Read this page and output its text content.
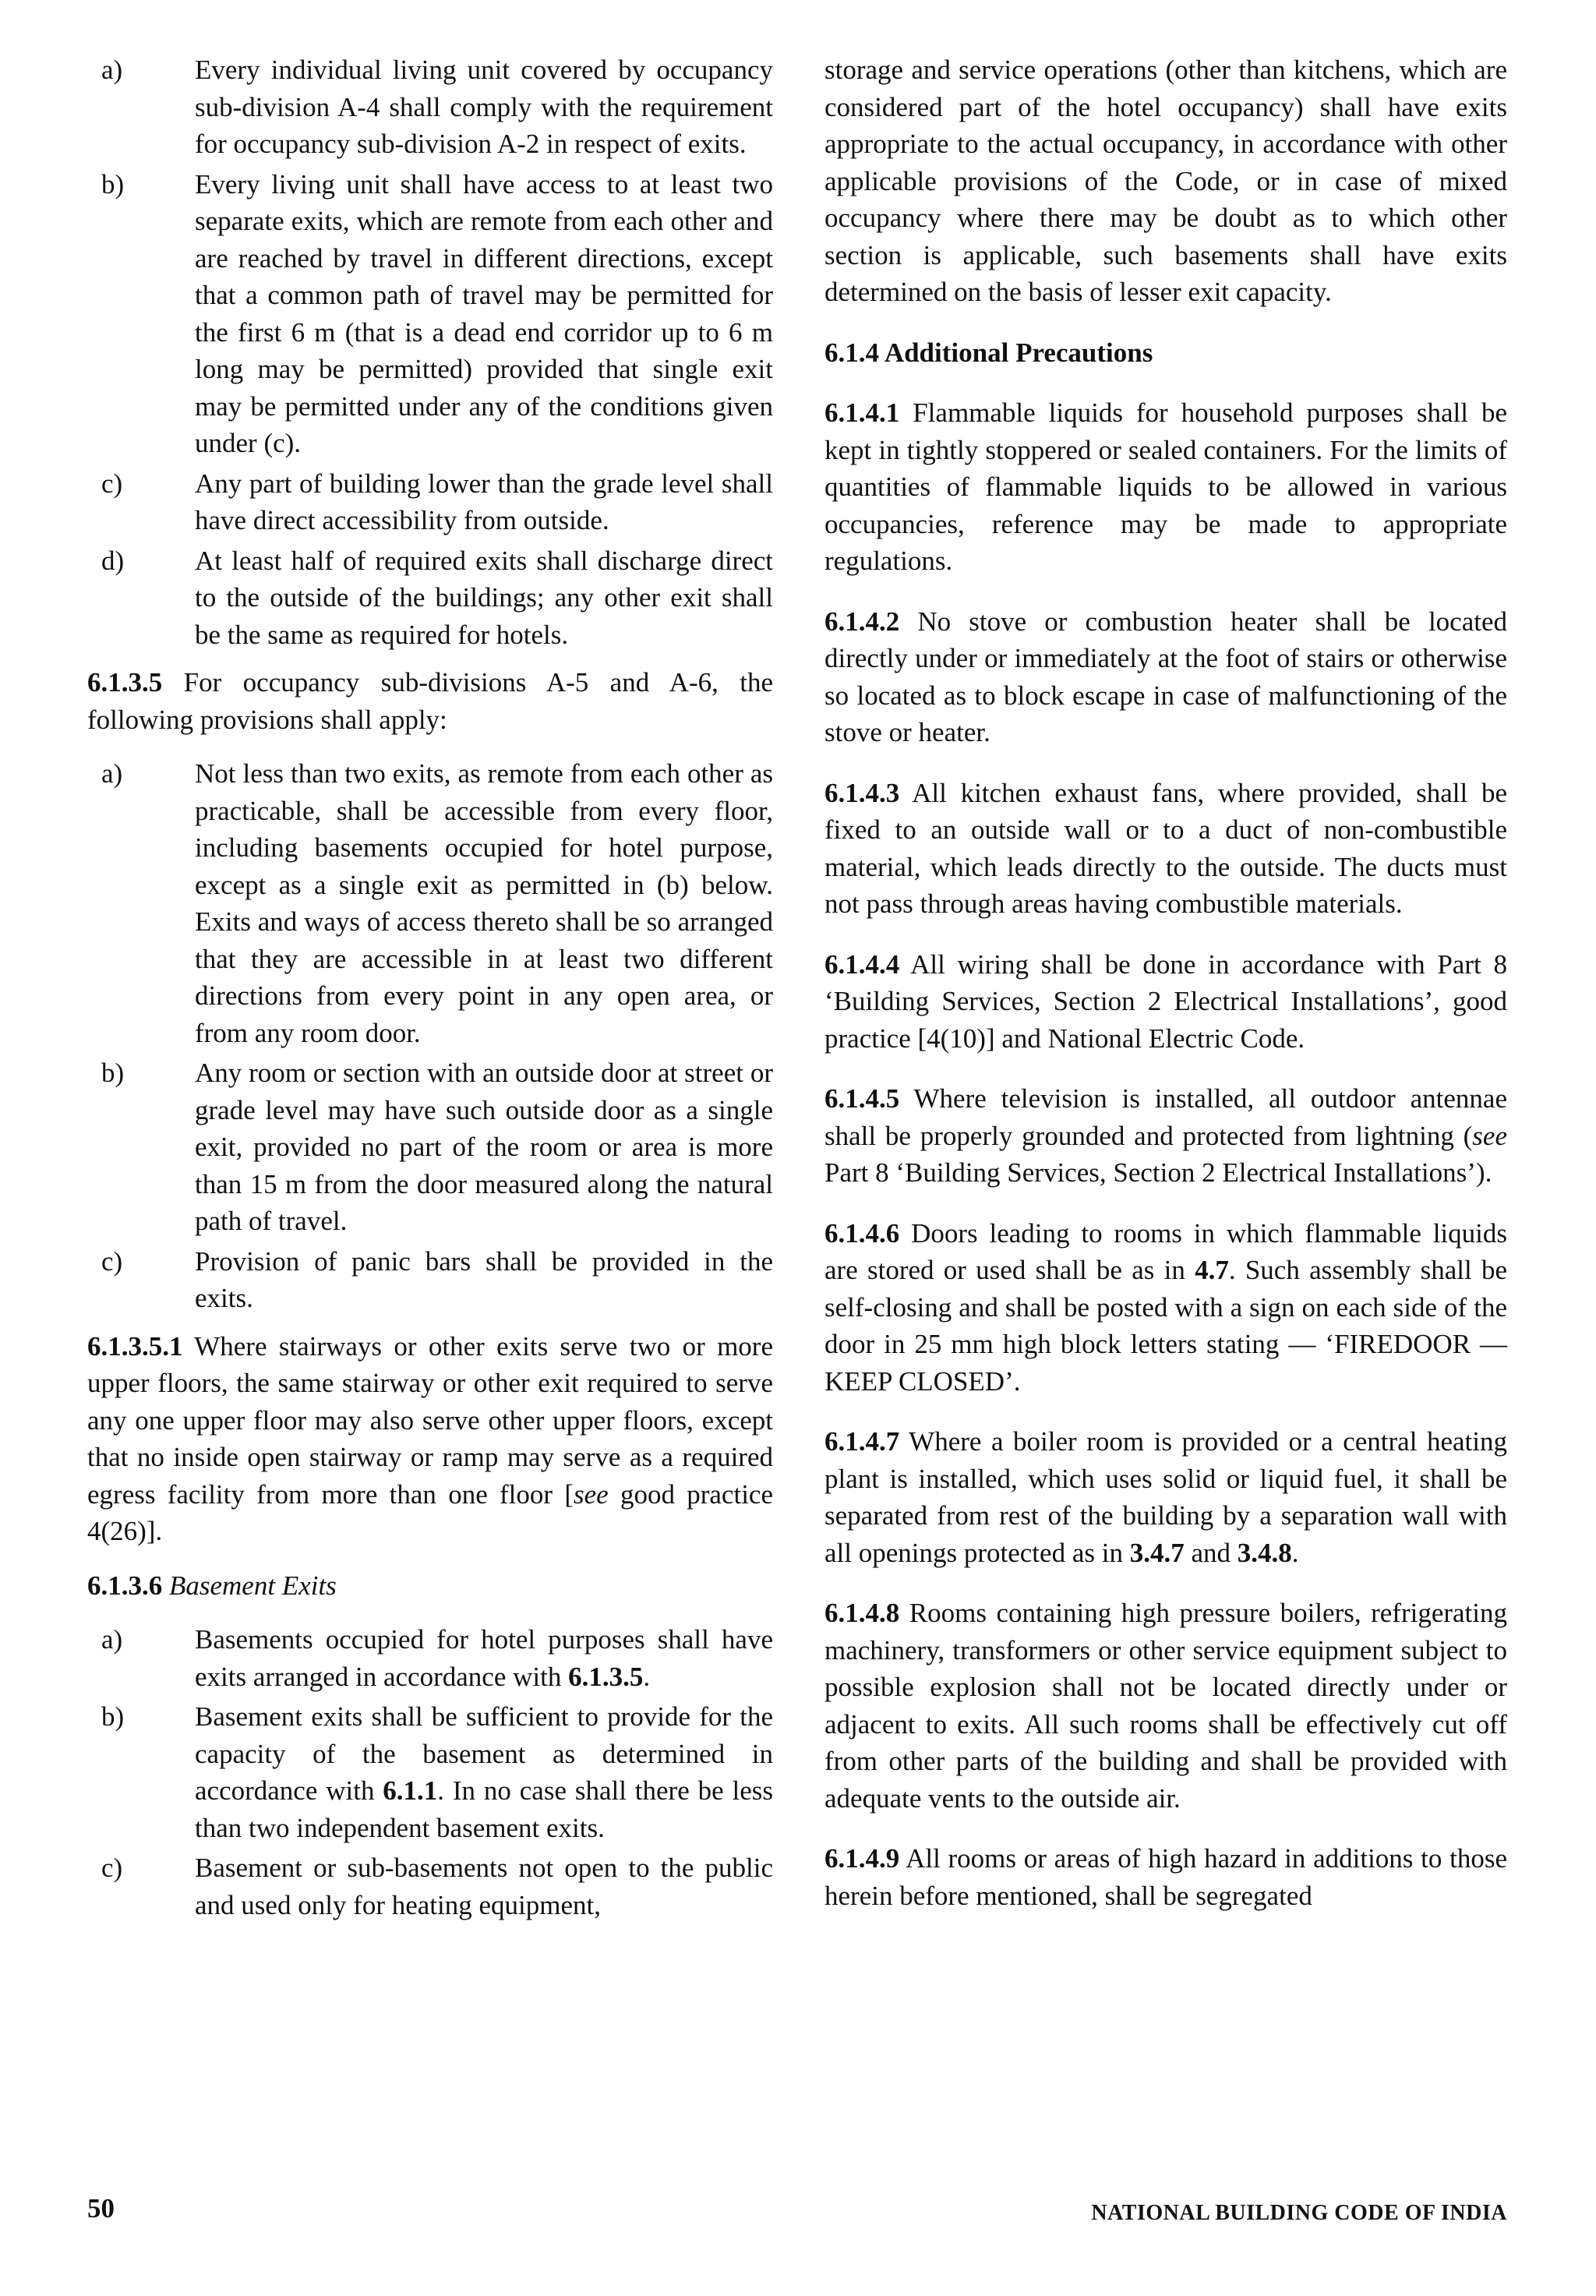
a)	Every individual living unit covered by occupancy sub-division A-4 shall comply with the requirement for occupancy sub-division A-2 in respect of exits.
b)	Every living unit shall have access to at least two separate exits, which are remote from each other and are reached by travel in different directions, except that a common path of travel may be permitted for the first 6 m (that is a dead end corridor up to 6 m long may be permitted) provided that single exit may be permitted under any of the conditions given under (c).
c)	Any part of building lower than the grade level shall have direct accessibility from outside.
d)	At least half of required exits shall discharge direct to the outside of the buildings; any other exit shall be the same as required for hotels.

6.1.3.5 For occupancy sub-divisions A-5 and A-6, the following provisions shall apply:

a)	Not less than two exits, as remote from each other as practicable, shall be accessible from every floor, including basements occupied for hotel purpose, except as a single exit as permitted in (b) below. Exits and ways of access thereto shall be so arranged that they are accessible in at least two different directions from every point in any open area, or from any room door.
b)	Any room or section with an outside door at street or grade level may have such outside door as a single exit, provided no part of the room or area is more than 15 m from the door measured along the natural path of travel.
c)	Provision of panic bars shall be provided in the exits.

6.1.3.5.1 Where stairways or other exits serve two or more upper floors, the same stairway or other exit required to serve any one upper floor may also serve other upper floors, except that no inside open stairway or ramp may serve as a required egress facility from more than one floor [see good practice 4(26)].

6.1.3.6 Basement Exits

a)	Basements occupied for hotel purposes shall have exits arranged in accordance with 6.1.3.5.
b)	Basement exits shall be sufficient to provide for the capacity of the basement as determined in accordance with 6.1.1. In no case shall there be less than two independent basement exits.
c)	Basement or sub-basements not open to the public and used only for heating equipment,

storage and service operations (other than kitchens, which are considered part of the hotel occupancy) shall have exits appropriate to the actual occupancy, in accordance with other applicable provisions of the Code, or in case of mixed occupancy where there may be doubt as to which other section is applicable, such basements shall have exits determined on the basis of lesser exit capacity.

6.1.4 Additional Precautions

6.1.4.1 Flammable liquids for household purposes shall be kept in tightly stoppered or sealed containers. For the limits of quantities of flammable liquids to be allowed in various occupancies, reference may be made to appropriate regulations.

6.1.4.2 No stove or combustion heater shall be located directly under or immediately at the foot of stairs or otherwise so located as to block escape in case of malfunctioning of the stove or heater.

6.1.4.3 All kitchen exhaust fans, where provided, shall be fixed to an outside wall or to a duct of non-combustible material, which leads directly to the outside. The ducts must not pass through areas having combustible materials.

6.1.4.4 All wiring shall be done in accordance with Part 8 ‘Building Services, Section 2 Electrical Installations’, good practice [4(10)] and National Electric Code.

6.1.4.5 Where television is installed, all outdoor antennae shall be properly grounded and protected from lightning (see Part 8 ‘Building Services, Section 2 Electrical Installations’).

6.1.4.6 Doors leading to rooms in which flammable liquids are stored or used shall be as in 4.7. Such assembly shall be self-closing and shall be posted with a sign on each side of the door in 25 mm high block letters stating — ‘FIREDOOR — KEEP CLOSED’.

6.1.4.7 Where a boiler room is provided or a central heating plant is installed, which uses solid or liquid fuel, it shall be separated from rest of the building by a separation wall with all openings protected as in 3.4.7 and 3.4.8.

6.1.4.8 Rooms containing high pressure boilers, refrigerating machinery, transformers or other service equipment subject to possible explosion shall not be located directly under or adjacent to exits. All such rooms shall be effectively cut off from other parts of the building and shall be provided with adequate vents to the outside air.

6.1.4.9 All rooms or areas of high hazard in additions to those herein before mentioned, shall be segregated

50	NATIONAL BUILDING CODE OF INDIA
